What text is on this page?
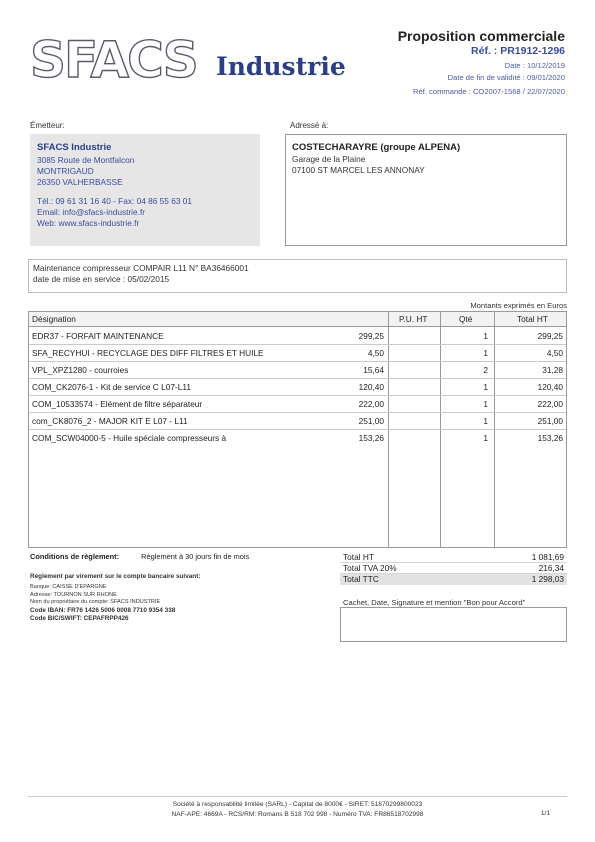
SFACS Industrie
Proposition commerciale
Réf. : PR1912-1296
Date : 10/12/2019
Date de fin de validité : 09/01/2020
Réf. commande : CO2007-1568 / 22/07/2020
Émetteur:
SFACS Industrie
3085 Route de Montfalcon
MONTRIGAUD
26350 VALHERBASSE
Tél.: 09 61 31 16 40 - Fax: 04 86 55 63 01
Email: info@sfacs-industrie.fr
Web: www.sfacs-industrie.fr
Adressé à:
COSTECHARAYRE (groupe ALPENA)
Garage de la Plaine
07100 ST MARCEL LES ANNONAY
Maintenance compresseur COMPAIR L11 N° BA36466001
date de mise en service : 05/02/2015
Montants exprimés en Euros
Désignation	P.U. HT	Qté	Total HT
EDR37 - FORFAIT MAINTENANCE	299,25	1	299,25
SFA_RECYHUI - RECYCLAGE DES DIFF FILTRES ET HUILE	4,50	1	4,50
VPL_XPZ1280 - courroies	15,64	2	31,28
COM_CK2076-1 - Kit de service C L07-L11	120,40	1	120,40
COM_10533574 - Elément de filtre séparateur	222,00	1	222,00
com_CK8076_2 - MAJOR KIT E L07 - L11	251,00	1	251,00
COM_SCW04000-5 - Huile spéciale compresseurs à	153,26	1	153,26
Conditions de règlement:	Règlement à 30 jours fin de mois
Règlement par virement sur le compte bancaire suivant:
Banque: CAISSE D'EPARGNE
Adresse: TOURNON SUR RHONE
Nom du propriétaire du compte: SFACS INDUSTRIE
Code IBAN: FR76 1426 5006 0008 7710 9354 338
Code BIC/SWIFT: CEPAFRPP426
Total HT	1 081,69
Total TVA 20%	216,34
Total TTC	1 298,03
Cachet, Date, Signature et mention "Bon pour Accord"
Société à responsabilité limitée (SARL) - Capital de 8000€ - SIRET: 51870299800023
NAF-APE: 4669A - RCS/RM: Romans B 518 702 998 - Numéro TVA: FR86518702998	1/1
